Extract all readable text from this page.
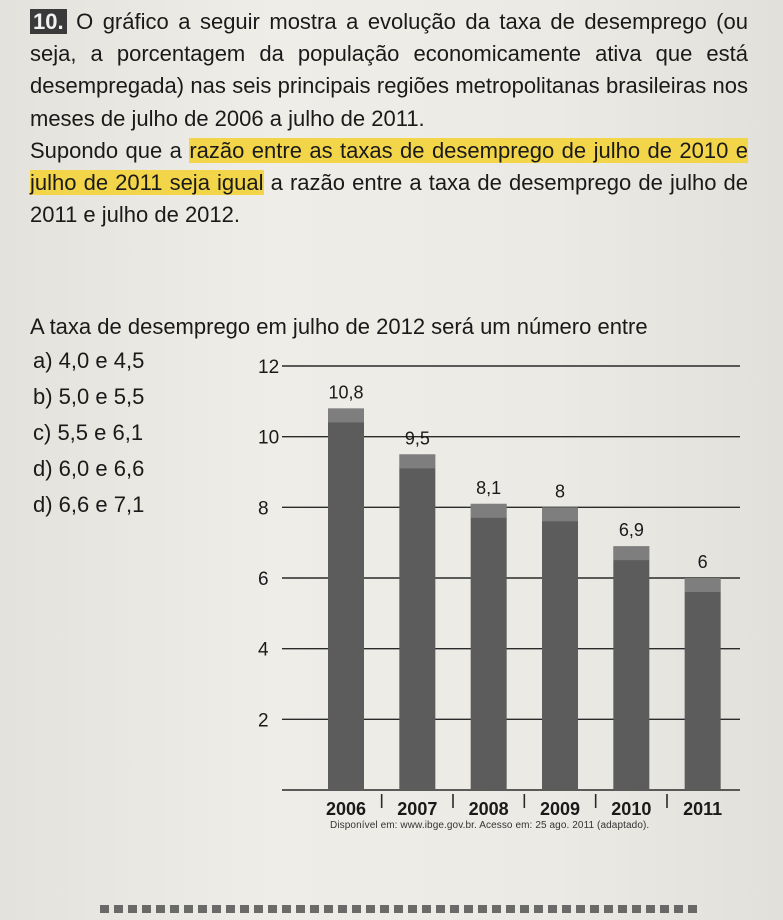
10. O gráfico a seguir mostra a evolução da taxa de desemprego (ou seja, a porcentagem da população economicamente ativa que está desempregada) nas seis principais regiões metropolitanas brasileiras nos meses de julho de 2006 a julho de 2011.

Supondo que a razão entre as taxas de desemprego de julho de 2010 e julho de 2011 seja igual a razão entre a taxa de desemprego de julho de 2011 e julho de 2012.

A taxa de desemprego em julho de 2012 será um número entre
a) 4,0 e 4,5
b) 5,0 e 5,5
c) 5,5 e 6,1
d) 6,0 e 6,6
d) 6,6 e 7,1
2
4
6
8
10
12
10,8
2006
9,5
2007
8,1
2008
8
2009
6,9
2010
6
2011
Disponível em: www.ibge.gov.br. Acesso em: 25 ago. 2011 (adaptado).
